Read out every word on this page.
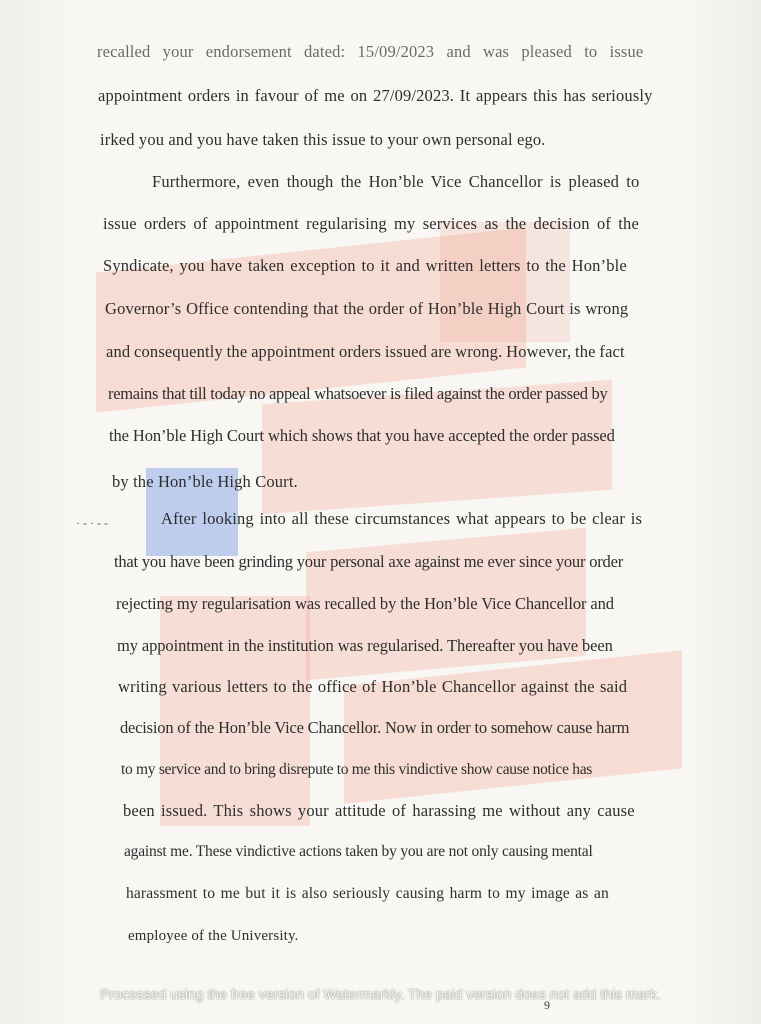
· - · - -
recalled your endorsement dated: 15/09/2023 and was pleased to issue
appointment orders in favour of me on 27/09/2023. It appears this has seriously
irked you and you have taken this issue to your own personal ego.
Furthermore, even though the Hon’ble Vice Chancellor is pleased to
issue orders of appointment regularising my services as the decision of the
Syndicate, you have taken exception to it and written letters to the Hon’ble
Governor’s Office contending that the order of Hon’ble High Court is wrong
and consequently the appointment orders issued are wrong. However, the fact
remains that till today no appeal whatsoever is filed against the order passed by
the Hon’ble High Court which shows that you have accepted the order passed
by the Hon’ble High Court.
After looking into all these circumstances what appears to be clear is
that you have been grinding your personal axe against me ever since your order
rejecting my regularisation was recalled by the Hon’ble Vice Chancellor and
my appointment in the institution was regularised. Thereafter you have been
writing various letters to the office of Hon’ble Chancellor against the said
decision of the Hon’ble Vice Chancellor. Now in order to somehow cause harm
to my service and to bring disrepute to me this vindictive show cause notice has
been issued. This shows your attitude of harassing me without any cause
against me. These vindictive actions taken by you are not only causing mental
harassment to me but it is also seriously causing harm to my image as an
employee of the University.
9
Processed using the free version of Watermarkly. The paid version does not add this mark.
